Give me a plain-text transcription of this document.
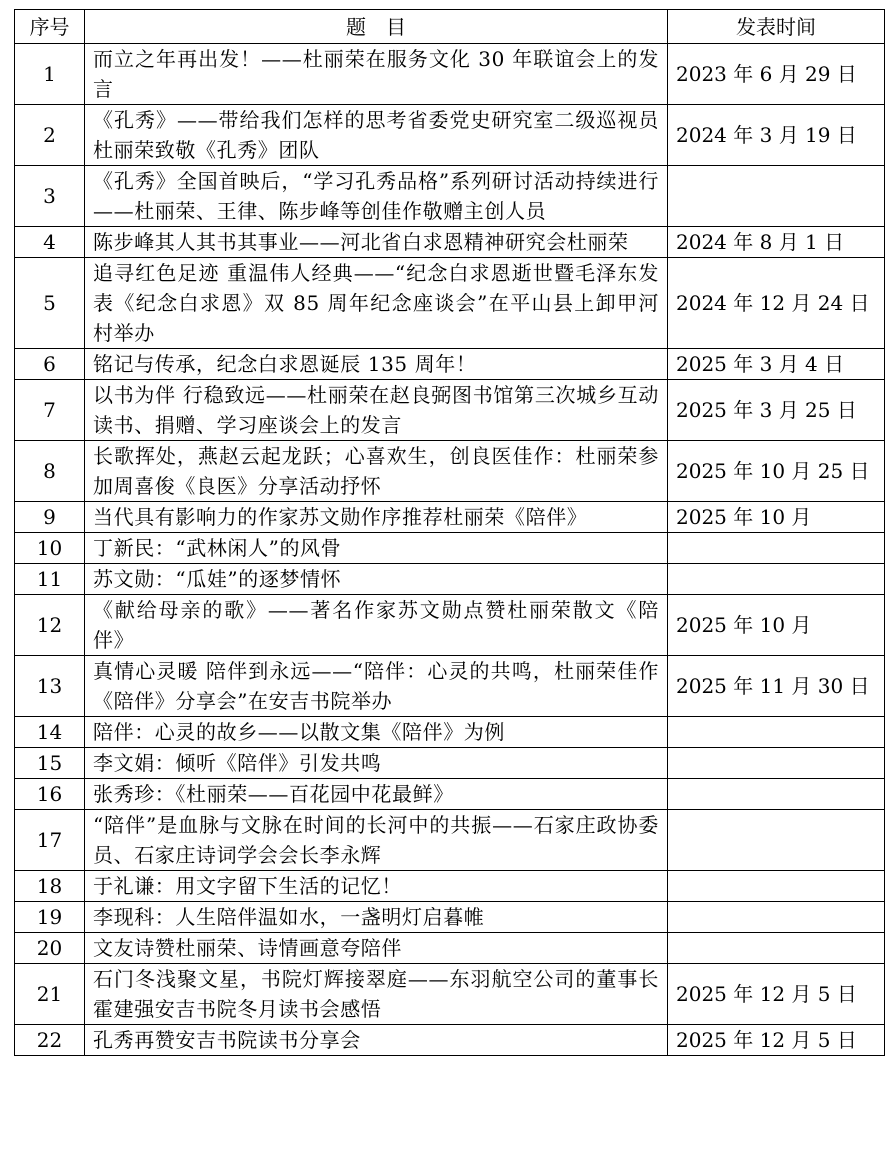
序号	题　目	发表时间
1	而立之年再出发！——杜丽荣在服务文化 30 年联谊会上的发言	2023 年 6 月 29 日
2	《孔秀》——带给我们怎样的思考省委党史研究室二级巡视员杜丽荣致敬《孔秀》团队	2024 年 3 月 19 日
3	《孔秀》全国首映后，“学习孔秀品格”系列研讨活动持续进行——杜丽荣、王律、陈步峰等创佳作敬赠主创人员	
4	陈步峰其人其书其事业——河北省白求恩精神研究会杜丽荣	2024 年 8 月 1 日
5	追寻红色足迹 重温伟人经典——“纪念白求恩逝世暨毛泽东发表《纪念白求恩》双 85 周年纪念座谈会”在平山县上卸甲河村举办	2024 年 12 月 24 日
6	铭记与传承，纪念白求恩诞辰 135 周年！	2025 年 3 月 4 日
7	以书为伴 行稳致远——杜丽荣在赵良弼图书馆第三次城乡互动读书、捐赠、学习座谈会上的发言	2025 年 3 月 25 日
8	长歌挥处，燕赵云起龙跃；心喜欢生，创良医佳作：杜丽荣参加周喜俊《良医》分享活动抒怀	2025 年 10 月 25 日
9	当代具有影响力的作家苏文勋作序推荐杜丽荣《陪伴》	2025 年 10 月
10	丁新民：“武林闲人”的风骨	
11	苏文勋：“瓜娃”的逐梦情怀	
12	《献给母亲的歌》——著名作家苏文勋点赞杜丽荣散文《陪伴》	2025 年 10 月
13	真情心灵暖 陪伴到永远——“陪伴：心灵的共鸣，杜丽荣佳作《陪伴》分享会”在安吉书院举办	2025 年 11 月 30 日
14	陪伴：心灵的故乡——以散文集《陪伴》为例	
15	李文娟：倾听《陪伴》引发共鸣	
16	张秀珍：《杜丽荣——百花园中花最鲜》	
17	“陪伴”是血脉与文脉在时间的长河中的共振——石家庄政协委员、石家庄诗词学会会长李永辉	
18	于礼谦：用文字留下生活的记忆！	
19	李现科：人生陪伴温如水，一盏明灯启暮帷	
20	文友诗赞杜丽荣、诗情画意夸陪伴	
21	石门冬浅聚文星，书院灯辉接翠庭——东羽航空公司的董事长霍建强安吉书院冬月读书会感悟	2025 年 12 月 5 日
22	孔秀再赞安吉书院读书分享会	2025 年 12 月 5 日
